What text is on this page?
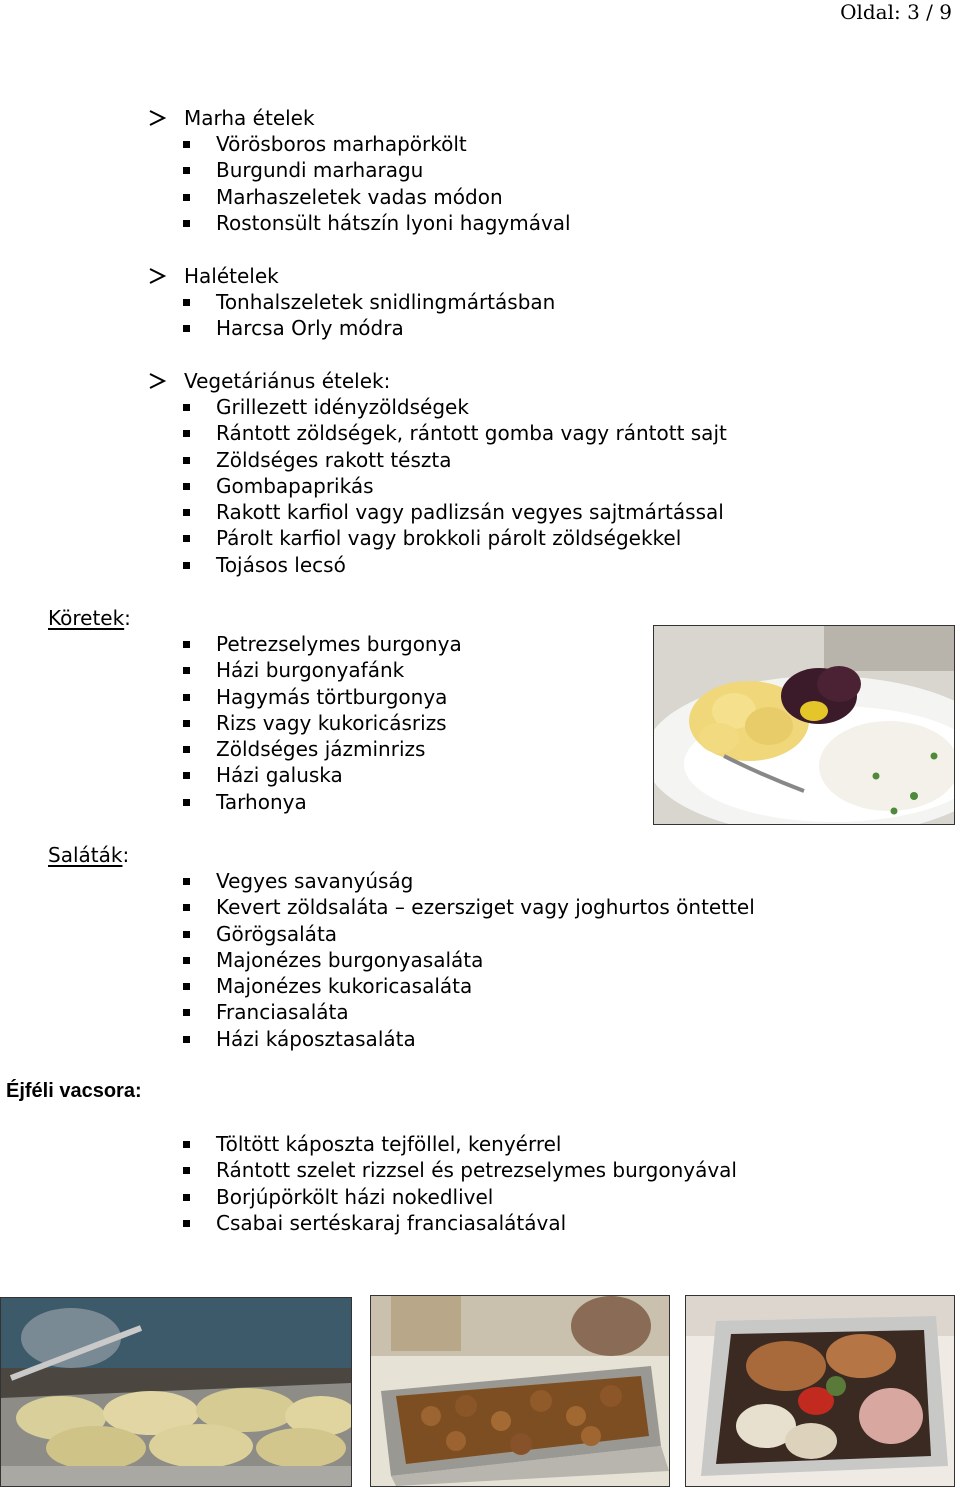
Oldal: 3 / 9
Marha ételek
Vörösboros marhapörkölt
Burgundi marharagu
Marhaszeletek vadas módon
Rostonsült hátszín lyoni hagymával
Halételek
Tonhalszeletek snidlingmártásban
Harcsa Orly módra
Vegetáriánus ételek:
Grillezett idényzöldségek
Rántott zöldségek, rántott gomba vagy rántott sajt
Zöldséges rakott tészta
Gombapaprikás
Rakott karfiol vagy padlizsán vegyes sajtmártással
Párolt karfiol vagy brokkoli párolt zöldségekkel
Tojásos lecsó
Köretek:
Petrezselymes burgonya
Házi burgonyafánk
Hagymás törtburgonya
Rizs vagy kukoricásrizs
Zöldséges jázminrizs
Házi galuska
Tarhonya
Saláták:
Vegyes savanyúság
Kevert zöldsaláta – ezersziget vagy joghurtos öntettel
Görögsaláta
Majonézes burgonyasaláta
Majonézes kukoricasaláta
Franciasaláta
Házi káposztasaláta
Éjféli vacsora:
Töltött káposzta tejföllel, kenyérrel
Rántott szelet rizzsel és petrezselymes burgonyával
Borjúpörkölt házi nokedlivel
Csabai sertéskaraj franciasalátával
